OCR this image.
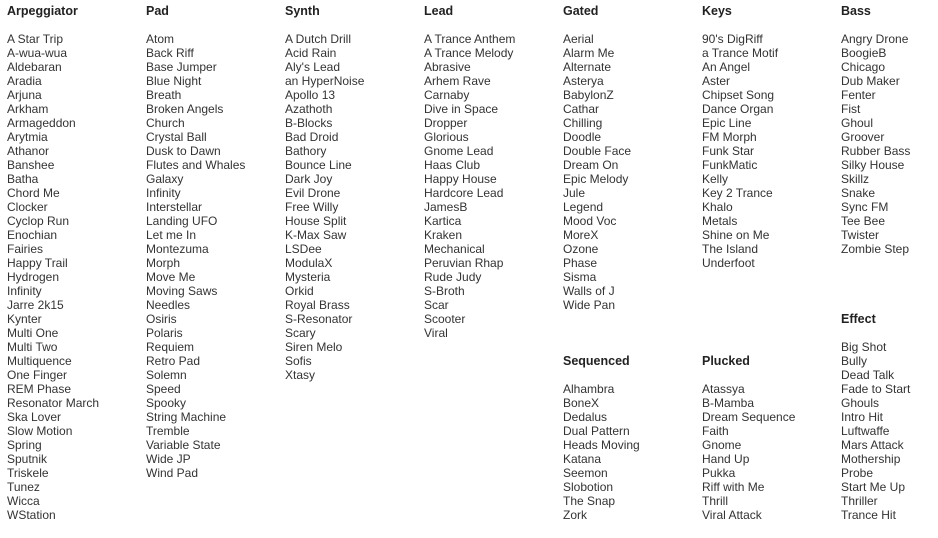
Arpeggiator
A Star Trip
A-wua-wua
Aldebaran
Aradia
Arjuna
Arkham
Armageddon
Arytmia
Athanor
Banshee
Batha
Chord Me
Clocker
Cyclop Run
Enochian
Fairies
Happy Trail
Hydrogen
Infinity
Jarre 2k15
Kynter
Multi One
Multi Two
Multiquence
One Finger
REM Phase
Resonator March
Ska Lover
Slow Motion
Spring
Sputnik
Triskele
Tunez
Wicca
WStation
Pad
Atom
Back Riff
Base Jumper
Blue Night
Breath
Broken Angels
Church
Crystal Ball
Dusk to Dawn
Flutes and Whales
Galaxy
Infinity
Interstellar
Landing UFO
Let me In
Montezuma
Morph
Move Me
Moving Saws
Needles
Osiris
Polaris
Requiem
Retro Pad
Solemn
Speed
Spooky
String Machine
Tremble
Variable State
Wide JP
Wind Pad
Synth
A Dutch Drill
Acid Rain
Aly's Lead
an HyperNoise
Apollo 13
Azathoth
B-Blocks
Bad Droid
Bathory
Bounce Line
Dark Joy
Evil Drone
Free Willy
House Split
K-Max Saw
LSDee
ModulaX
Mysteria
Orkid
Royal Brass
S-Resonator
Scary
Siren Melo
Sofis
Xtasy
Lead
A Trance Anthem
A Trance Melody
Abrasive
Arhem Rave
Carnaby
Dive in Space
Dropper
Glorious
Gnome Lead
Haas Club
Happy House
Hardcore Lead
JamesB
Kartica
Kraken
Mechanical
Peruvian Rhap
Rude Judy
S-Broth
Scar
Scooter
Viral
Gated
Aerial
Alarm Me
Alternate
Asterya
BabylonZ
Cathar
Chilling
Doodle
Double Face
Dream On
Epic Melody
Jule
Legend
Mood Voc
MoreX
Ozone
Phase
Sisma
Walls of J
Wide Pan
Sequenced
Alhambra
BoneX
Dedalus
Dual Pattern
Heads Moving
Katana
Seemon
Slobotion
The Snap
Zork
Keys
90's DigRiff
a Trance Motif
An Angel
Aster
Chipset Song
Dance Organ
Epic Line
FM Morph
Funk Star
FunkMatic
Kelly
Key 2 Trance
Khalo
Metals
Shine on Me
The Island
Underfoot
Plucked
Atassya
B-Mamba
Dream Sequence
Faith
Gnome
Hand Up
Pukka
Riff with Me
Thrill
Viral Attack
Bass
Angry Drone
BoogieB
Chicago
Dub Maker
Fenter
Fist
Ghoul
Groover
Rubber Bass
Silky House
Skillz
Snake
Sync FM
Tee Bee
Twister
Zombie Step
Effect
Big Shot
Bully
Dead Talk
Fade to Start
Ghouls
Intro Hit
Luftwaffe
Mars Attack
Mothership
Probe
Start Me Up
Thriller
Trance Hit
